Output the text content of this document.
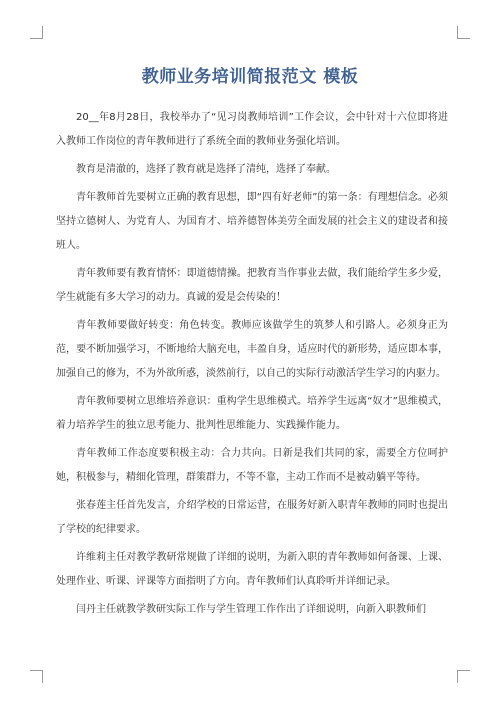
教师业务培训简报范文 模板

20__年8月28日，我校举办了“见习岗教师培训”工作会议，会中针对十六位即将进入教师工作岗位的青年教师进行了系统全面的教师业务强化培训。

教育是清澈的，选择了教育就是选择了清纯，选择了奉献。

青年教师首先要树立正确的教育思想，即“四有好老师”的第一条：有理想信念。必须坚持立德树人、为党育人、为国育才、培养德智体美劳全面发展的社会主义的建设者和接班人。

青年教师要有教育情怀：即道德情操。把教育当作事业去做，我们能给学生多少爱，学生就能有多大学习的动力。真诚的爱是会传染的！

青年教师要做好转变：角色转变。教师应该做学生的筑梦人和引路人。必须身正为范，要不断加强学习，不断地给大脑充电，丰盈自身，适应时代的新形势，适应即本事，加强自己的修为，不为外欲所惑，淡然前行，以自己的实际行动激活学生学习的内驱力。

青年教师要树立思维培养意识：重构学生思维模式。培养学生远离“奴才”思维模式，着力培养学生的独立思考能力、批判性思维能力、实践操作能力。

青年教师工作态度要积极主动：合力共向。日新是我们共同的家，需要全方位呵护她，积极参与，精细化管理，群策群力，不等不靠，主动工作而不是被动躺平等待。

张春莲主任首先发言，介绍学校的日常运营，在服务好新入职青年教师的同时也提出了学校的纪律要求。

许维莉主任对教学教研常规做了详细的说明，为新入职的青年教师如何备课、上课、处理作业、听课、评课等方面指明了方向。青年教师们认真聆听并详细记录。

闫丹主任就教学教研实际工作与学生管理工作作出了详细说明，向新入职教师们
